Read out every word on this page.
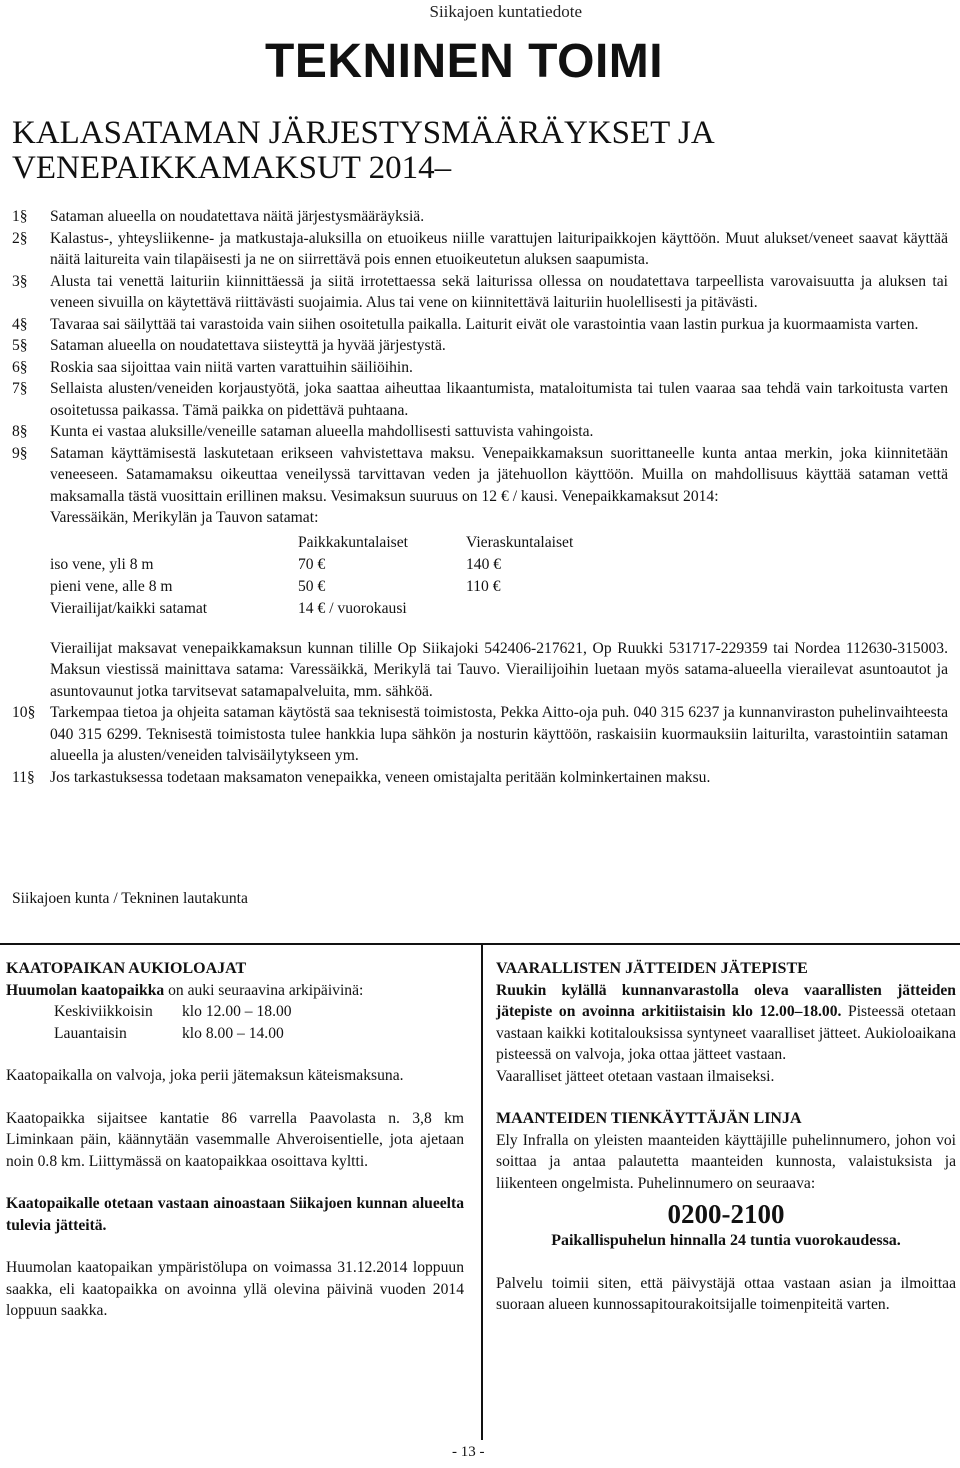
Siikajoen kuntatiedote
TEKNINEN TOIMI
KALASATAMAN JÄRJESTYSMÄÄRÄYKSET JA VENEPAIKKAMAKSUT 2014–
1§ Sataman alueella on noudatettava näitä järjestysmääräyksiä.
2§ Kalastus-, yhteysliikenne- ja matkustaja-aluksilla on etuoikeus niille varattujen laituripaikkojen käyttöön. Muut alukset/veneet saavat käyttää näitä laitureita vain tilapäisesti ja ne on siirrettävä pois ennen etuoikeutetun aluksen saapumista.
3§ Alusta tai venettä laituriin kiinnittäessä ja siitä irrotettaessa sekä laiturissa ollessa on noudatettava tarpeellista varovaisuutta ja aluksen tai veneen sivuilla on käytettävä riittävästi suojaimia. Alus tai vene on kiinnitettävä laituriin huolellisesti ja pitävästi.
4§ Tavaraa sai säilyttää tai varastoida vain siihen osoitetulla paikalla. Laiturit eivät ole varastointia vaan lastin purkua ja kuormaamista varten.
5§ Sataman alueella on noudatettava siisteyttä ja hyvää järjestystä.
6§ Roskia saa sijoittaa vain niitä varten varattuihin säiliöihin.
7§ Sellaista alusten/veneiden korjaustyötä, joka saattaa aiheuttaa likaantumista, mataloitumista tai tulen vaaraa saa tehdä vain tarkoitusta varten osoitetussa paikassa. Tämä paikka on pidettävä puhtaana.
8§ Kunta ei vastaa aluksille/veneille sataman alueella mahdollisesti sattuvista vahingoista.
9§ Sataman käyttämisestä laskutetaan erikseen vahvistettava maksu. Venepaikkamaksun suorittaneelle kunta antaa merkin, joka kiinnitetään veneeseen. Satamamaksu oikeuttaa veneilyssä tarvittavan veden ja jätehuollon käyttöön. Muilla on mahdollisuus käyttää sataman vettä maksamalla tästä vuosittain erillinen maksu. Vesimaksun suuruus on 12 € / kausi. Venepaikkamaksut 2014:
Varessäikän, Merikylän ja Tauvon satamat:
	Paikkakuntalaiset	Vieraskuntalaiset
iso vene, yli 8 m	70 €	140 €
pieni vene, alle 8 m	50 €	110 €
Vierailijat/kaikki satamat	14 € / vuorokausi	
Vierailijat maksavat venepaikkamaksun kunnan tilille Op Siikajoki 542406-217621, Op Ruukki 531717-229359 tai Nordea 112630-315003. Maksun viestissä mainittava satama: Varessäikkä, Merikylä tai Tauvo. Vierailijoihin luetaan myös satama-alueella vierailevat asuntoautot ja asuntovaunut jotka tarvitsevat satamapalveluita, mm. sähköä.
10§ Tarkempaa tietoa ja ohjeita sataman käytöstä saa teknisestä toimistosta, Pekka Aitto-oja puh. 040 315 6237 ja kunnanviraston puhelinvaihteesta 040 315 6299. Teknisestä toimistosta tulee hankkia lupa sähkön ja nosturin käyttöön, raskaisiin kuormauksiin laiturilta, varastointiin sataman alueella ja alusten/veneiden talvisäilytykseen ym.
11§ Jos tarkastuksessa todetaan maksamaton venepaikka, veneen omistajalta peritään kolminkertainen maksu.
Siikajoen kunta / Tekninen lautakunta
KAATOPAIKAN AUKIOLOAJAT
Huumolan kaatopaikka on auki seuraavina arkipäivinä:
Keskiviikkoisin	klo 12.00 – 18.00
Lauantaisin	klo 8.00 – 14.00

Kaatopaikalla on valvoja, joka perii jätemaksun käteismaksuna.

Kaatopaikka sijaitsee kantatie 86 varrella Paavolasta n. 3,8 km Liminkaan päin, käännytään vasemmalle Ahveroisentielle, jota ajetaan noin 0.8 km. Liittymässä on kaatopaikkaa osoittava kyltti.

Kaatopaikalle otetaan vastaan ainoastaan Siikajoen kunnan alueelta tulevia jätteitä.

Huumolan kaatopaikan ympäristölupa on voimassa 31.12.2014 loppuun saakka, eli kaatopaikka on avoinna yllä olevina päivinä vuoden 2014 loppuun saakka.

VAARALLISTEN JÄTTEIDEN JÄTEPISTE

Ruukin kylällä kunnanvarastolla oleva vaarallisten jätteiden jätepiste on avoinna arkitiistaisin klo 12.00–18.00. Pisteessä otetaan vastaan kaikki kotitalouksissa syntyneet vaaralliset jätteet. Aukioloaikana pisteessä on valvoja, joka ottaa jätteet vastaan.

Vaaralliset jätteet otetaan vastaan ilmaiseksi.
MAANTEIDEN TIENKÄYTTÄJÄN LINJA

Ely Infralla on yleisten maanteiden käyttäjille puhelinnumero, johon voi soittaa ja antaa palautetta maanteiden kunnosta, valaistuksista ja liikenteen ongelmista. Puhelinnumero on seuraava:

0200-2100
Paikallispuhelun hinnalla 24 tuntia vuorokaudessa.

Palvelu toimii siten, että päivystäjä ottaa vastaan asian ja ilmoittaa suoraan alueen kunnossapitourakoitsijalle toimenpiteitä varten.

- 13 -
